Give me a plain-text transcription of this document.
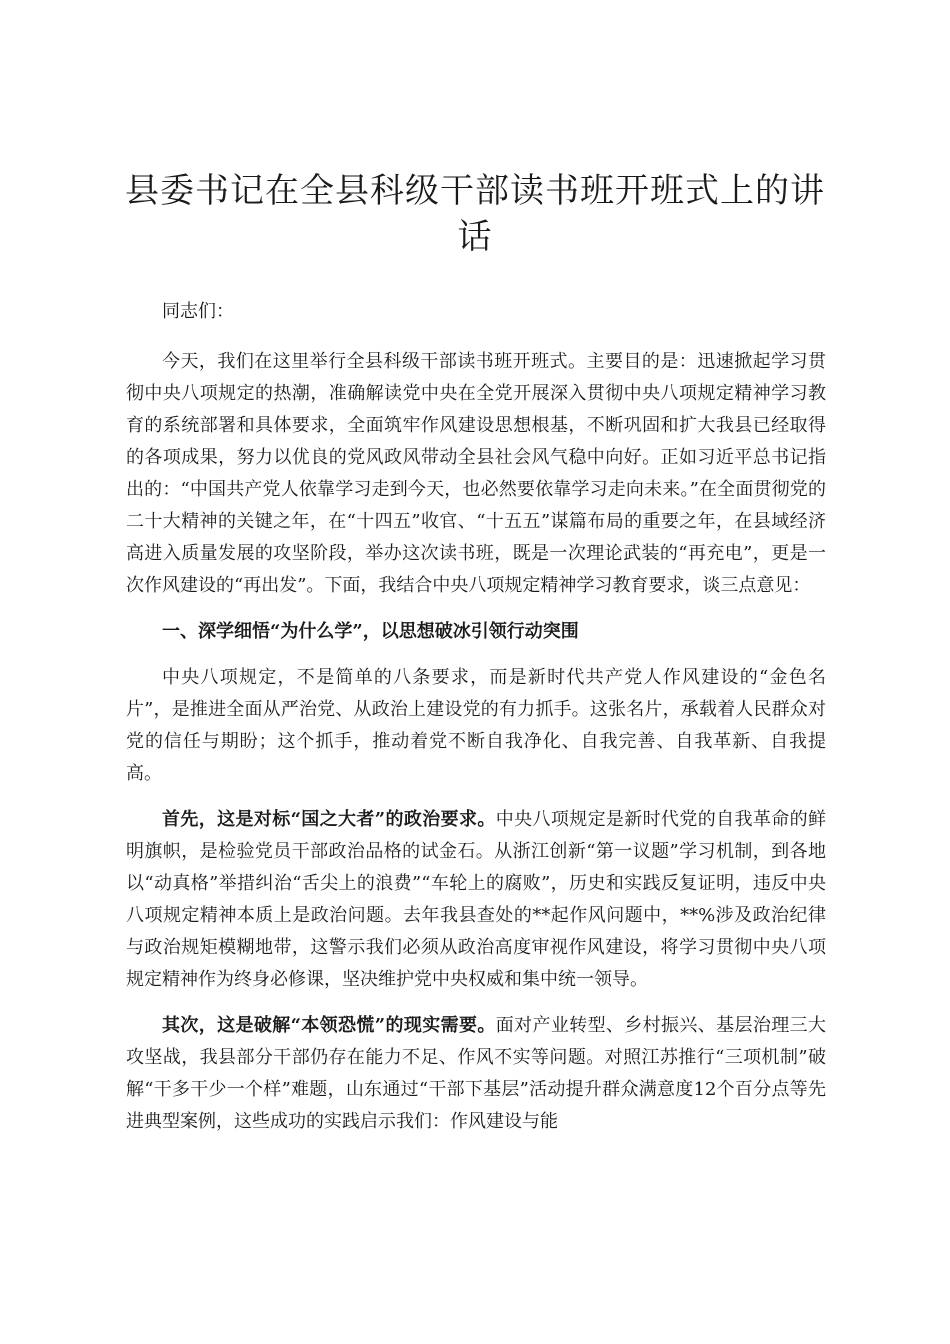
县委书记在全县科级干部读书班开班式上的讲话

同志们：

今天，我们在这里举行全县科级干部读书班开班式。主要目的是：迅速掀起学习贯彻中央八项规定的热潮，准确解读党中央在全党开展深入贯彻中央八项规定精神学习教育的系统部署和具体要求，全面筑牢作风建设思想根基，不断巩固和扩大我县已经取得的各项成果，努力以优良的党风政风带动全县社会风气稳中向好。正如习近平总书记指出的：“中国共产党人依靠学习走到今天，也必然要依靠学习走向未来。”在全面贯彻党的二十大精神的关键之年，在“十四五”收官、“十五五”谋篇布局的重要之年，在县域经济高进入质量发展的攻坚阶段，举办这次读书班，既是一次理论武装的“再充电”，更是一次作风建设的“再出发”。下面，我结合中央八项规定精神学习教育要求，谈三点意见：

一、深学细悟“为什么学”，以思想破冰引领行动突围

中央八项规定，不是简单的八条要求，而是新时代共产党人作风建设的“金色名片”，是推进全面从严治党、从政治上建设党的有力抓手。这张名片，承载着人民群众对党的信任与期盼；这个抓手，推动着党不断自我净化、自我完善、自我革新、自我提高。

首先，这是对标“国之大者”的政治要求。中央八项规定是新时代党的自我革命的鲜明旗帜，是检验党员干部政治品格的试金石。从浙江创新“第一议题”学习机制，到各地以“动真格”举措纠治“舌尖上的浪费”“车轮上的腐败”，历史和实践反复证明，违反中央八项规定精神本质上是政治问题。去年我县查处的**起作风问题中，**%涉及政治纪律与政治规矩模糊地带，这警示我们必须从政治高度审视作风建设，将学习贯彻中央八项规定精神作为终身必修课，坚决维护党中央权威和集中统一领导。

其次，这是破解“本领恐慌”的现实需要。面对产业转型、乡村振兴、基层治理三大攻坚战，我县部分干部仍存在能力不足、作风不实等问题。对照江苏推行“三项机制”破解“干多干少一个样”难题，山东通过“干部下基层”活动提升群众满意度12个百分点等先进典型案例，这些成功的实践启示我们：作风建设与能
